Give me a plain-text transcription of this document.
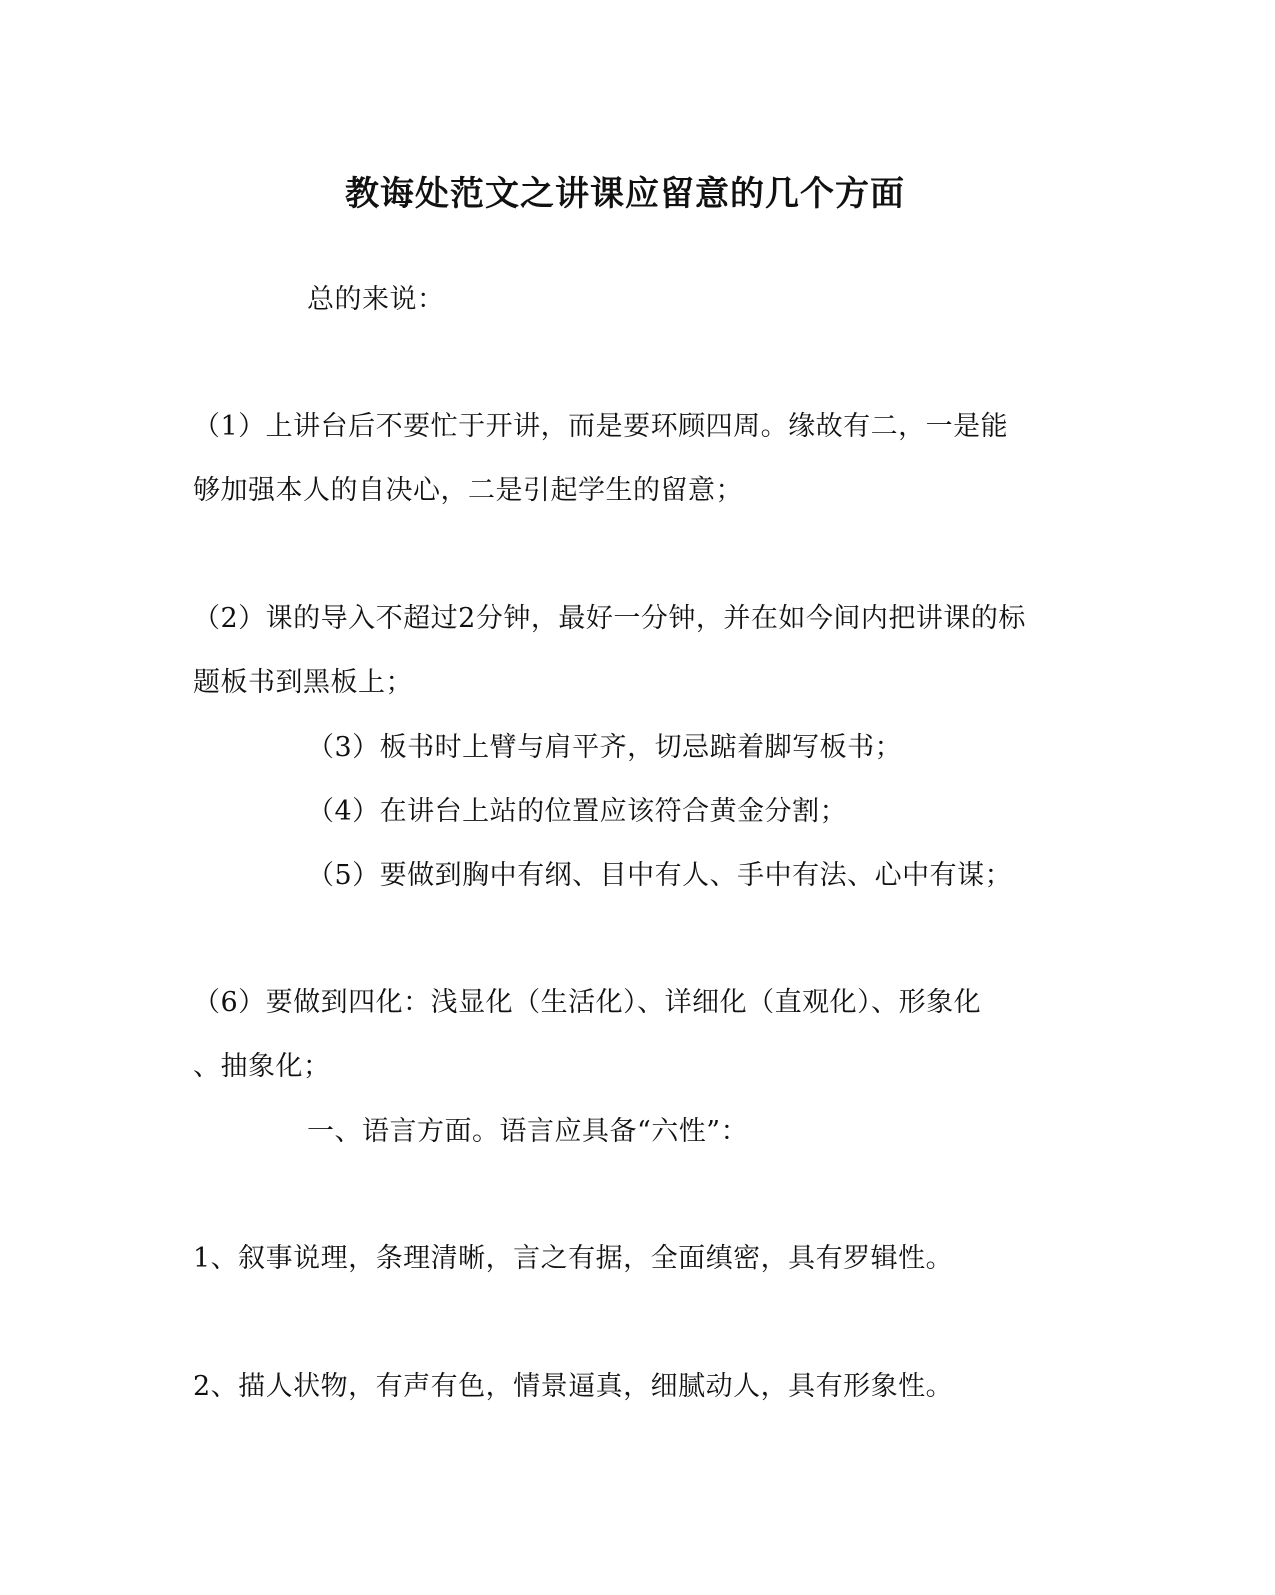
教诲处范文之讲课应留意的几个方面
总的来说：
（1）上讲台后不要忙于开讲，而是要环顾四周。缘故有二，一是能
够加强本人的自决心，二是引起学生的留意；
（2）课的导入不超过2分钟，最好一分钟，并在如今间内把讲课的标
题板书到黑板上；
（3）板书时上臂与肩平齐，切忌踮着脚写板书；
（4）在讲台上站的位置应该符合黄金分割；
（5）要做到胸中有纲、目中有人、手中有法、心中有谋；
（6）要做到四化：浅显化（生活化）、详细化（直观化）、形象化
、抽象化；
一、语言方面。语言应具备“六性”：
1、叙事说理，条理清晰，言之有据，全面缜密，具有罗辑性。
2、描人状物，有声有色，情景逼真，细腻动人，具有形象性。
